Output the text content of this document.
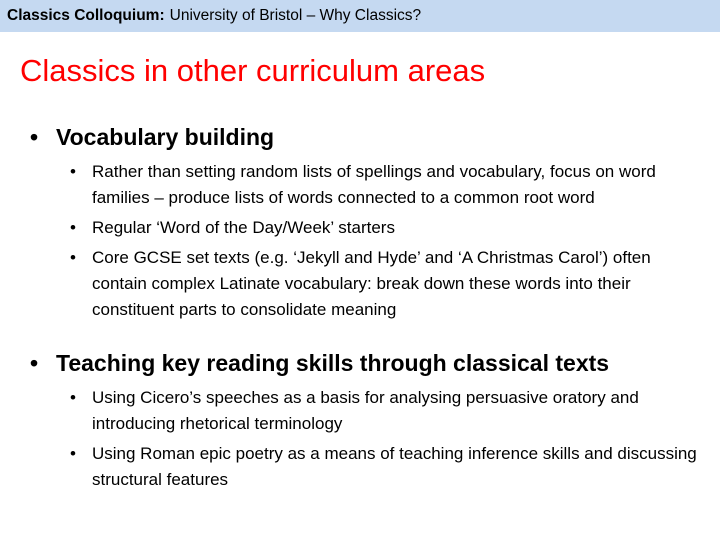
Classics Colloquium: University of Bristol – Why Classics?
Classics in other curriculum areas
• Vocabulary building
• Rather than setting random lists of spellings and vocabulary, focus on word families – produce lists of words connected to a common root word
• Regular ‘Word of the Day/Week’ starters
• Core GCSE set texts (e.g. ‘Jekyll and Hyde’ and ‘A Christmas Carol’) often contain complex Latinate vocabulary: break down these words into their constituent parts to consolidate meaning
• Teaching key reading skills through classical texts
• Using Cicero’s speeches as a basis for analysing persuasive oratory and introducing rhetorical terminology
• Using Roman epic poetry as a means of teaching inference skills and discussing structural features
